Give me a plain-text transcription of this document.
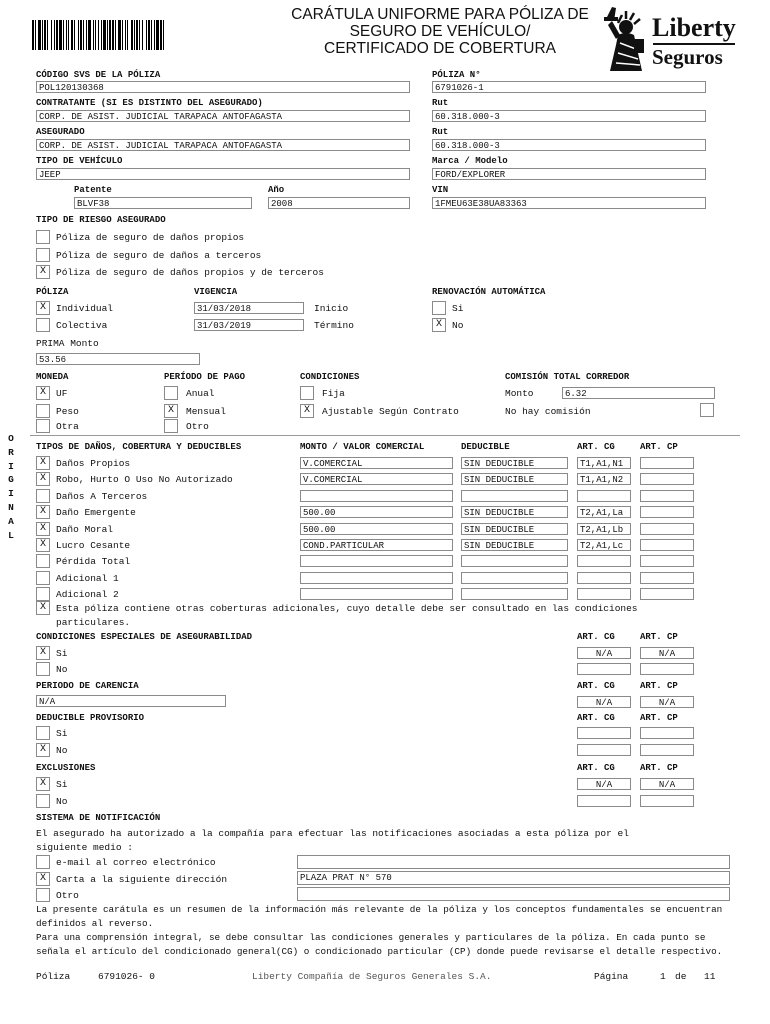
CARÁTULA UNIFORME PARA PÓLIZA DE
SEGURO DE VEHÍCULO/
CERTIFICADO DE COBERTURA
Liberty
Seguros
O
R
I
G
I
N
A
L
CÓDIGO SVS DE LA PÓLIZA
POL120130368
PÓLIZA N°
6791026-1
CONTRATANTE (SI ES DISTINTO DEL ASEGURADO)
CORP. DE ASIST. JUDICIAL TARAPACA ANTOFAGASTA
Rut
60.318.000-3
ASEGURADO
CORP. DE ASIST. JUDICIAL TARAPACA ANTOFAGASTA
Rut
60.318.000-3
TIPO DE VEHÍCULO
JEEP
Marca / Modelo
FORD/EXPLORER
Patente
BLVF38
Año
2008
VIN
1FMEU63E38UA83363
TIPO DE RIESGO ASEGURADO
Póliza de seguro de daños propios
Póliza de seguro de daños a terceros
X	Póliza de seguro de daños propios y de terceros
PÓLIZA	VIGENCIA	RENOVACIÓN AUTOMÁTICA
X	Individual	31/03/2018	Inicio	Si
Colectiva	31/03/2019	Término	X	No
PRIMA Monto
53.56
MONEDA	PERÍODO DE PAGO	CONDICIONES	COMISIÓN TOTAL CORREDOR
X	UF	Anual	Fija	Monto	6.32
Peso	X	Mensual	X	Ajustable Según Contrato	No hay comisión
Otra	Otro
TIPOS DE DAÑOS, COBERTURA Y DEDUCIBLES	MONTO / VALOR COMERCIAL	DEDUCIBLE	ART. CG	ART. CP
X	Daños Propios	V.COMERCIAL	SIN DEDUCIBLE	T1,A1,N1
X	Robo, Hurto O Uso No Autorizado	V.COMERCIAL	SIN DEDUCIBLE	T1,A1,N2
Daños A Terceros
X	Daño Emergente	500.00	SIN DEDUCIBLE	T2,A1,La
X	Daño Moral	500.00	SIN DEDUCIBLE	T2,A1,Lb
X	Lucro Cesante	COND.PARTICULAR	SIN DEDUCIBLE	T2,A1,Lc
Pérdida Total
Adicional 1
Adicional 2
X	Esta póliza contiene otras coberturas adicionales, cuyo detalle debe ser consultado en las condiciones
particulares.
CONDICIONES ESPECIALES DE ASEGURABILIDAD	ART. CG	ART. CP
X	Si	N/A	N/A
No
PERIODO DE CARENCIA	ART. CG	ART. CP
N/A	N/A	N/A
DEDUCIBLE PROVISORIO	ART. CG	ART. CP
Si
X	No
EXCLUSIONES	ART. CG	ART. CP
X	Si	N/A	N/A
No
SISTEMA DE NOTIFICACIÓN
El asegurado ha autorizado a la compañía para efectuar las notificaciones asociadas a esta póliza por el
siguiente medio :
e-mail al correo electrónico
X	Carta a la siguiente dirección	PLAZA PRAT N° 570
Otro
La presente carátula es un resumen de la información más relevante de la póliza y los conceptos fundamentales se encuentran
definidos al reverso.
Para una comprensión integral, se debe consultar las condiciones generales y particulares de la póliza. En cada punto se
señala el artículo del condicionado general(CG) o condicionado particular (CP) donde puede revisarse el detalle respectivo.
Póliza	6791026- 0	Liberty Compañía de Seguros Generales S.A.	Página	1 de 11
